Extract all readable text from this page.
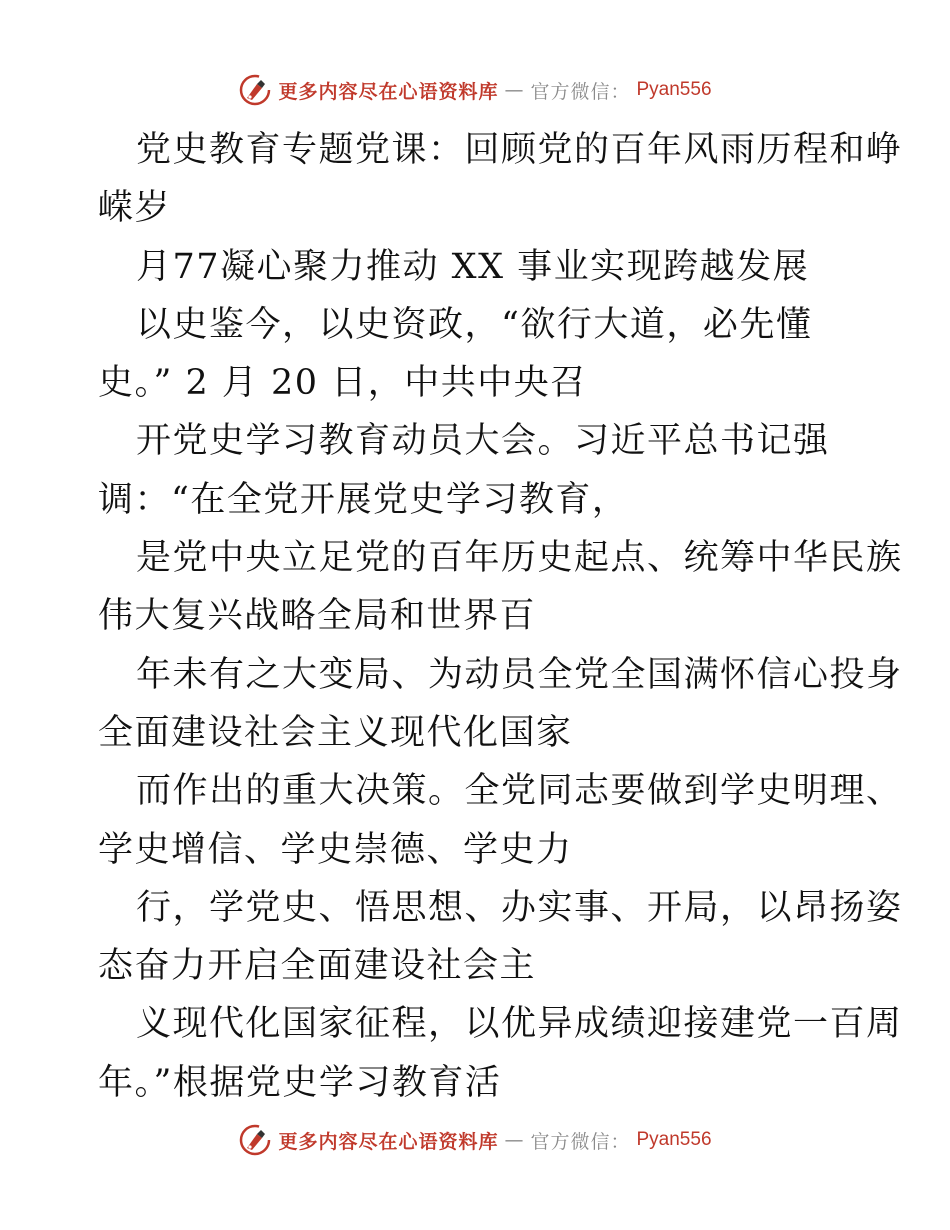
更多内容尽在心语资料库 — 官方微信： Pyan556
党史教育专题党课：回顾党的百年风雨历程和峥
嵘岁
月77凝心聚力推动 XX 事业实现跨越发展
以史鉴今，以史资政，“欲行大道，必先懂
史。” 2 月 20 日，中共中央召
开党史学习教育动员大会。习近平总书记强
调：“在全党开展党史学习教育，
是党中央立足党的百年历史起点、统筹中华民族
伟大复兴战略全局和世界百
年未有之大变局、为动员全党全国满怀信心投身
全面建设社会主义现代化国家
而作出的重大决策。全党同志要做到学史明理、
学史增信、学史崇德、学史力
行，学党史、悟思想、办实事、开局，以昂扬姿
态奋力开启全面建设社会主
义现代化国家征程，以优异成绩迎接建党一百周
年。”根据党史学习教育活
更多内容尽在心语资料库 — 官方微信： Pyan556
